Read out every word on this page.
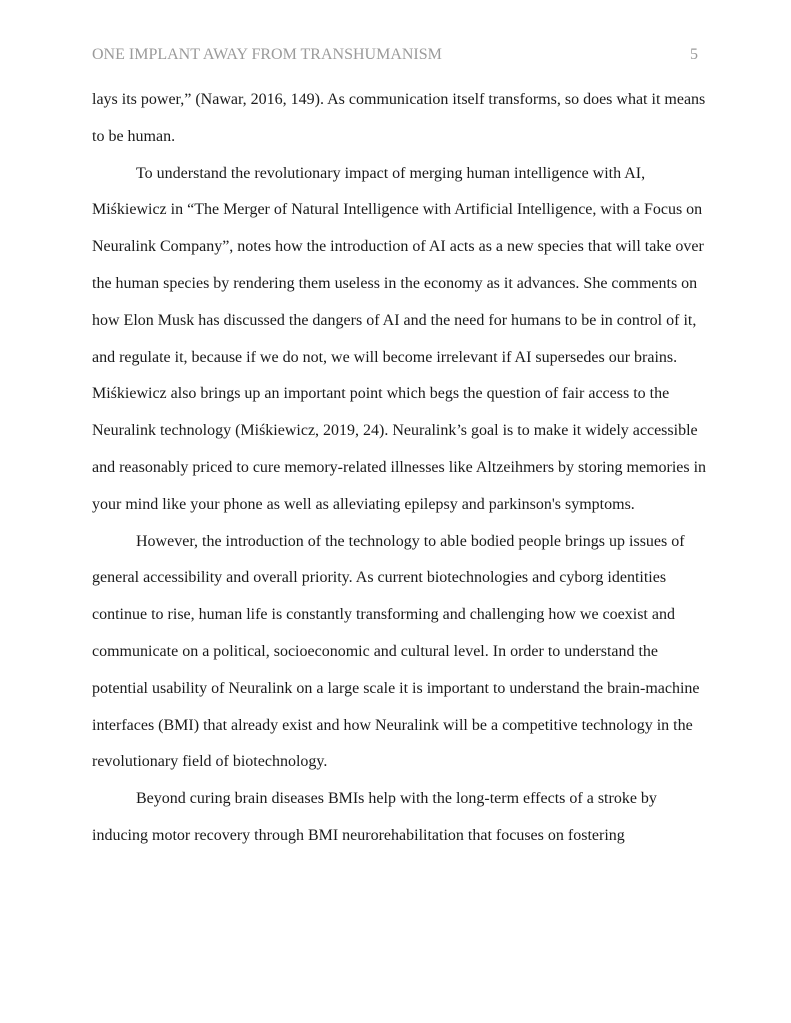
ONE IMPLANT AWAY FROM TRANSHUMANISM	5
lays its power,” (Nawar, 2016, 149). As communication itself transforms, so does what it means
to be human.
To understand the revolutionary impact of merging human intelligence with AI,
Miśkiewicz in “The Merger of Natural Intelligence with Artificial Intelligence, with a Focus on
Neuralink Company”, notes how the introduction of AI acts as a new species that will take over
the human species by rendering them useless in the economy as it advances. She comments on
how Elon Musk has discussed the dangers of AI and the need for humans to be in control of it,
and regulate it, because if we do not, we will become irrelevant if AI supersedes our brains.
Miśkiewicz also brings up an important point which begs the question of fair access to the
Neuralink technology (Miśkiewicz, 2019, 24). Neuralink’s goal is to make it widely accessible
and reasonably priced to cure memory-related illnesses like Altzeihmers by storing memories in
your mind like your phone as well as alleviating epilepsy and parkinson's symptoms.
However, the introduction of the technology to able bodied people brings up issues of
general accessibility and overall priority. As current biotechnologies and cyborg identities
continue to rise, human life is constantly transforming and challenging how we coexist and
communicate on a political, socioeconomic and cultural level. In order to understand the
potential usability of Neuralink on a large scale it is important to understand the brain-machine
interfaces (BMI) that already exist and how Neuralink will be a competitive technology in the
revolutionary field of biotechnology.
Beyond curing brain diseases BMIs help with the long-term effects of a stroke by
inducing motor recovery through BMI neurorehabilitation that focuses on fostering
